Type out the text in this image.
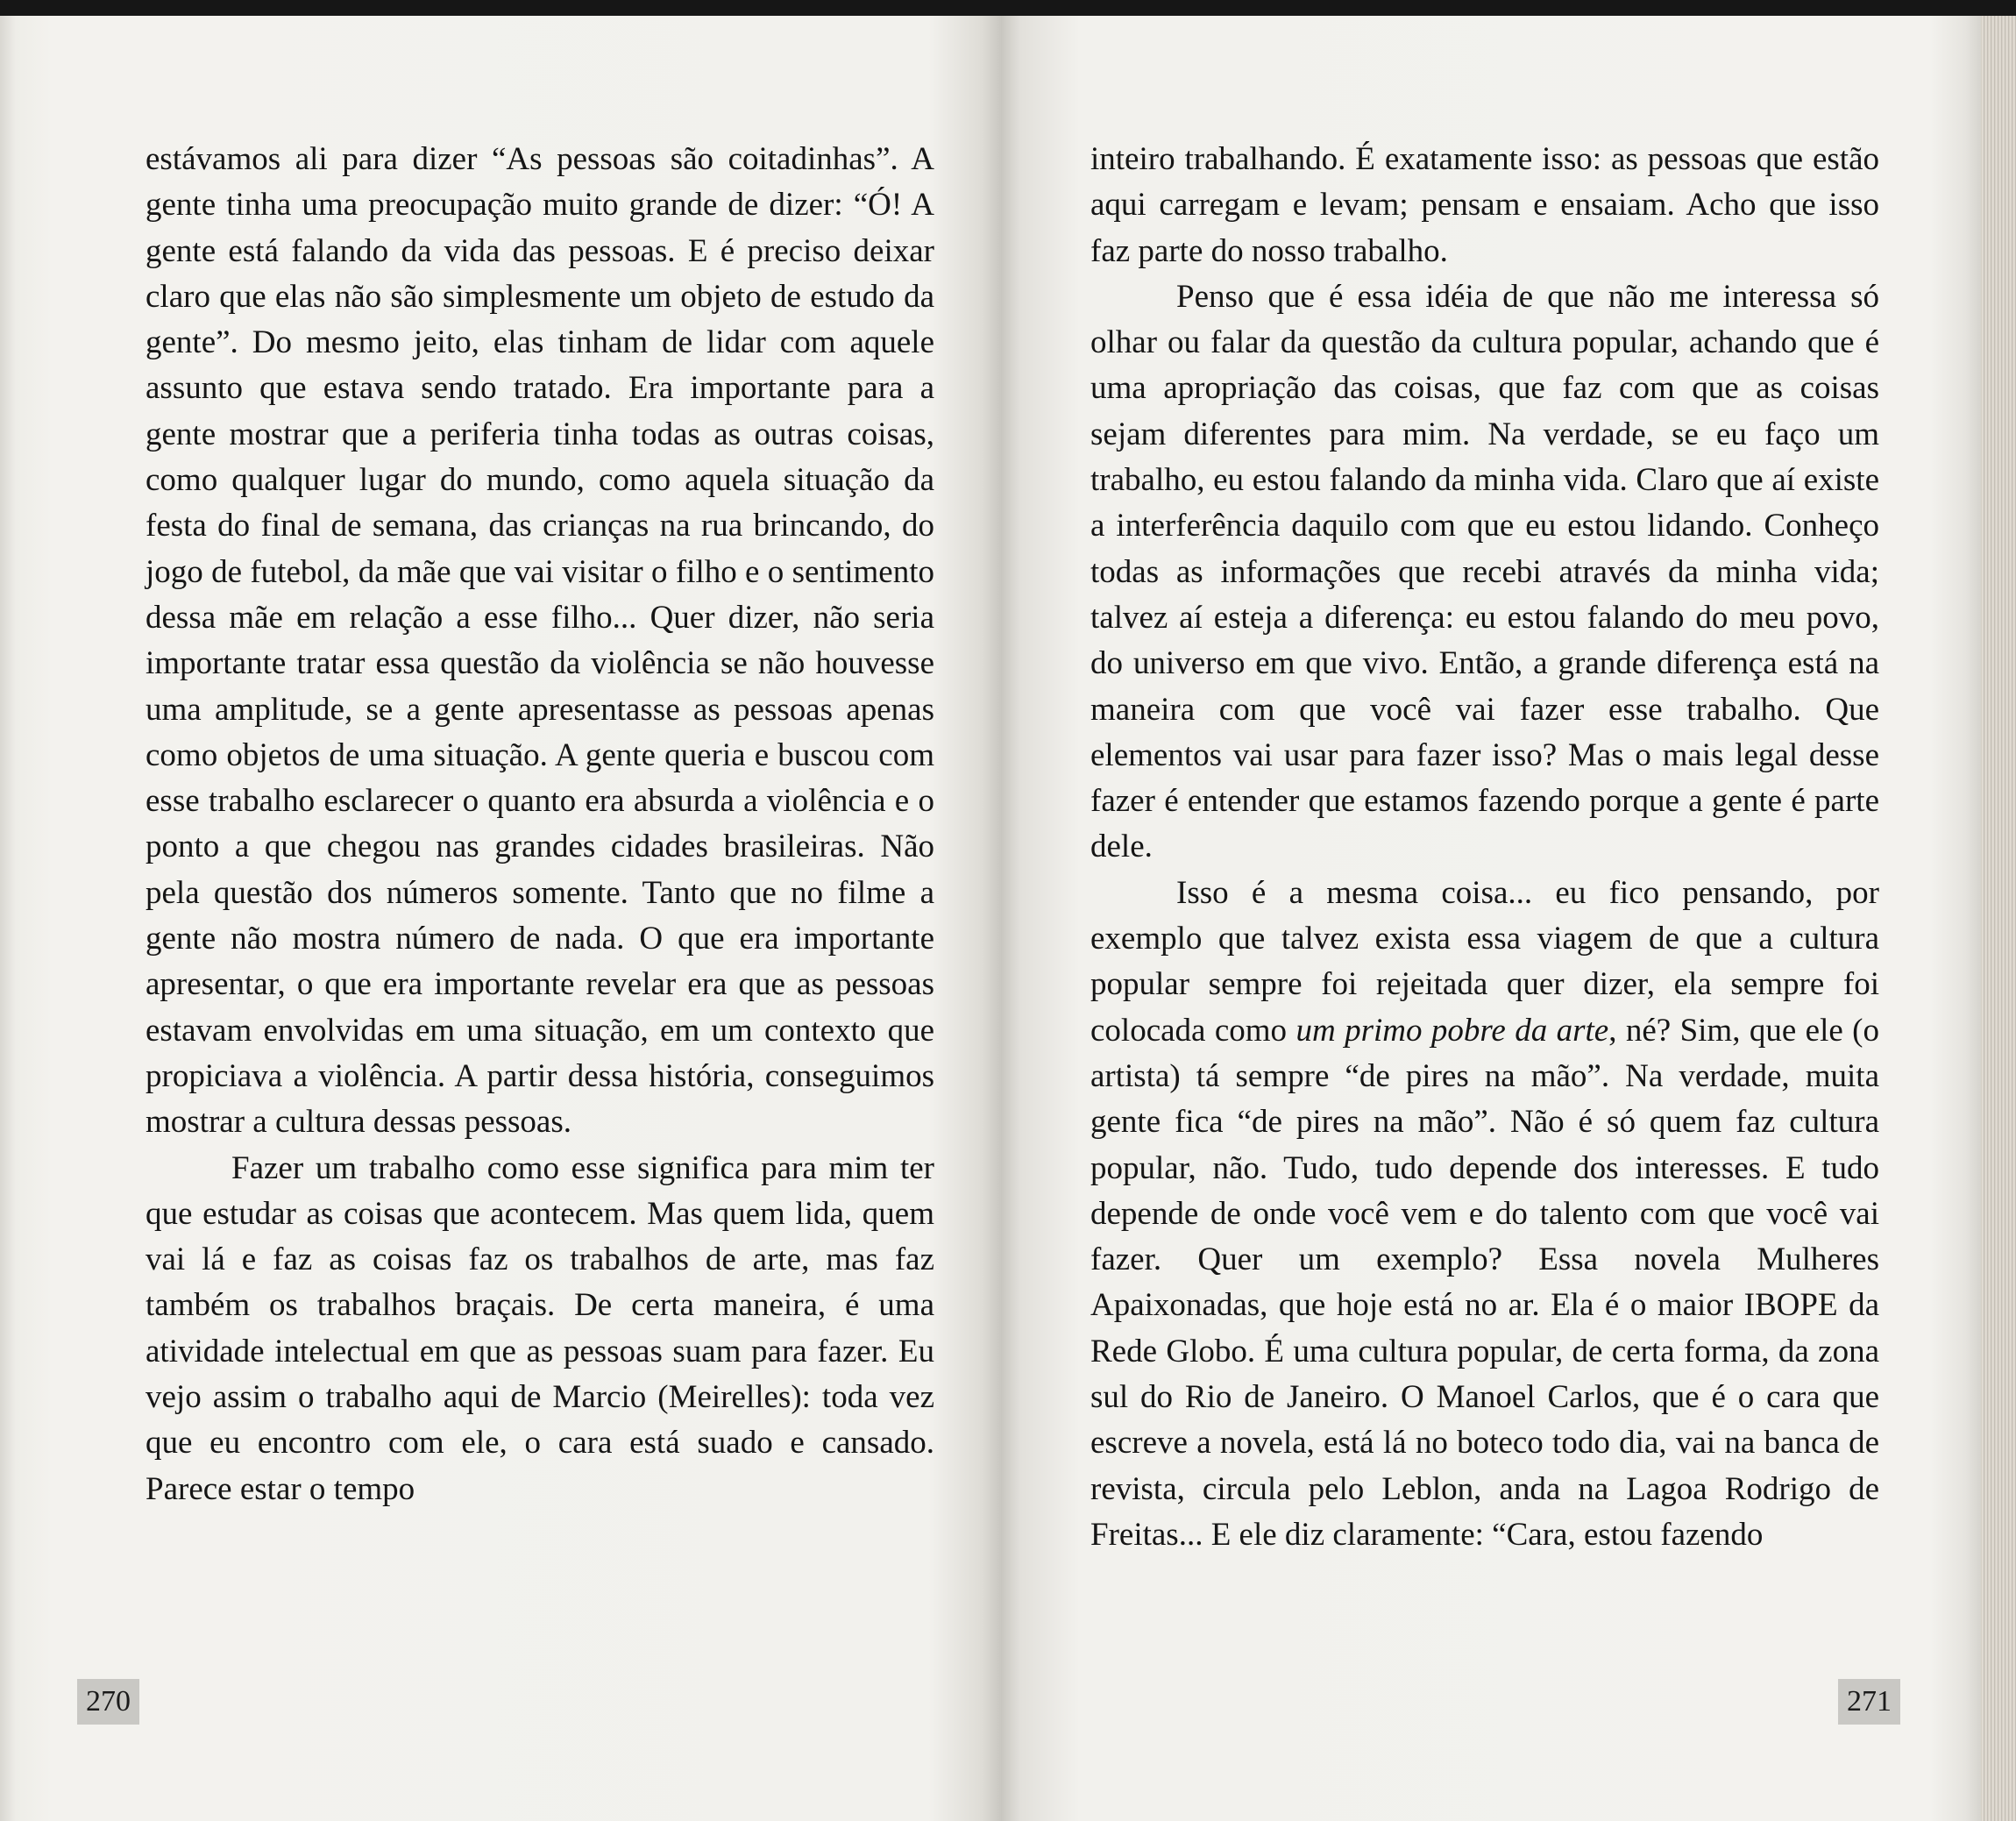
estávamos ali para dizer “As pessoas são coitadinhas”. A gente tinha uma preocupação muito grande de dizer: “Ó! A gente está falando da vida das pessoas. E é preciso deixar claro que elas não são simplesmente um objeto de estudo da gente”. Do mesmo jeito, elas tinham de lidar com aquele assunto que estava sendo tratado. Era importante para a gente mostrar que a periferia tinha todas as outras coisas, como qualquer lugar do mundo, como aquela situação da festa do final de semana, das crianças na rua brincando, do jogo de futebol, da mãe que vai visitar o filho e o sentimento dessa mãe em relação a esse filho... Quer dizer, não seria importante tratar essa questão da violência se não houvesse uma amplitude, se a gente apresentasse as pessoas apenas como objetos de uma situação. A gente queria e buscou com esse trabalho esclarecer o quanto era absurda a violência e o ponto a que chegou nas grandes cidades brasileiras. Não pela questão dos números somente. Tanto que no filme a gente não mostra número de nada. O que era importante apresentar, o que era importante revelar era que as pessoas estavam envolvidas em uma situação, em um contexto que propiciava a violência. A partir dessa história, conseguimos mostrar a cultura dessas pessoas.

Fazer um trabalho como esse significa para mim ter que estudar as coisas que acontecem. Mas quem lida, quem vai lá e faz as coisas faz os trabalhos de arte, mas faz também os trabalhos braçais. De certa maneira, é uma atividade intelectual em que as pessoas suam para fazer. Eu vejo assim o trabalho aqui de Marcio (Meirelles): toda vez que eu encontro com ele, o cara está suado e cansado. Parece estar o tempo

270

inteiro trabalhando. É exatamente isso: as pessoas que estão aqui carregam e levam; pensam e ensaiam. Acho que isso faz parte do nosso trabalho.

Penso que é essa idéia de que não me interessa só olhar ou falar da questão da cultura popular, achando que é uma apropriação das coisas, que faz com que as coisas sejam diferentes para mim. Na verdade, se eu faço um trabalho, eu estou falando da minha vida. Claro que aí existe a interferência daquilo com que eu estou lidando. Conheço todas as informações que recebi através da minha vida; talvez aí esteja a diferença: eu estou falando do meu povo, do universo em que vivo. Então, a grande diferença está na maneira com que você vai fazer esse trabalho. Que elementos vai usar para fazer isso? Mas o mais legal desse fazer é entender que estamos fazendo porque a gente é parte dele.

Isso é a mesma coisa... eu fico pensando, por exemplo que talvez exista essa viagem de que a cultura popular sempre foi rejeitada quer dizer, ela sempre foi colocada como um primo pobre da arte, né? Sim, que ele (o artista) tá sempre “de pires na mão”. Na verdade, muita gente fica “de pires na mão”. Não é só quem faz cultura popular, não. Tudo, tudo depende dos interesses. E tudo depende de onde você vem e do talento com que você vai fazer. Quer um exemplo? Essa novela Mulheres Apaixonadas, que hoje está no ar. Ela é o maior IBOPE da Rede Globo. É uma cultura popular, de certa forma, da zona sul do Rio de Janeiro. O Manoel Carlos, que é o cara que escreve a novela, está lá no boteco todo dia, vai na banca de revista, circula pelo Leblon, anda na Lagoa Rodrigo de Freitas... E ele diz claramente: “Cara, estou fazendo

271
